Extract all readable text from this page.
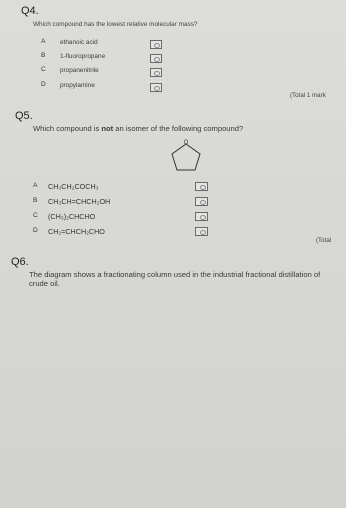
Q4.
Which compound has the lowest relative molecular mass?
A ethanoic acid
B 1-fluoropropane
C propanenitrile
D propylamine
(Total 1 mark
Q5.
Which compound is not an isomer of the following compound?
O
A CH₃CH₂COCH₃
B CH₃CH=CHCH₂OH
C (CH₃)₂CHCHO
D CH₂=CHCH₂CHO
(Total
Q6.
The diagram shows a fractionating column used in the industrial fractional distillation of
crude oil.
